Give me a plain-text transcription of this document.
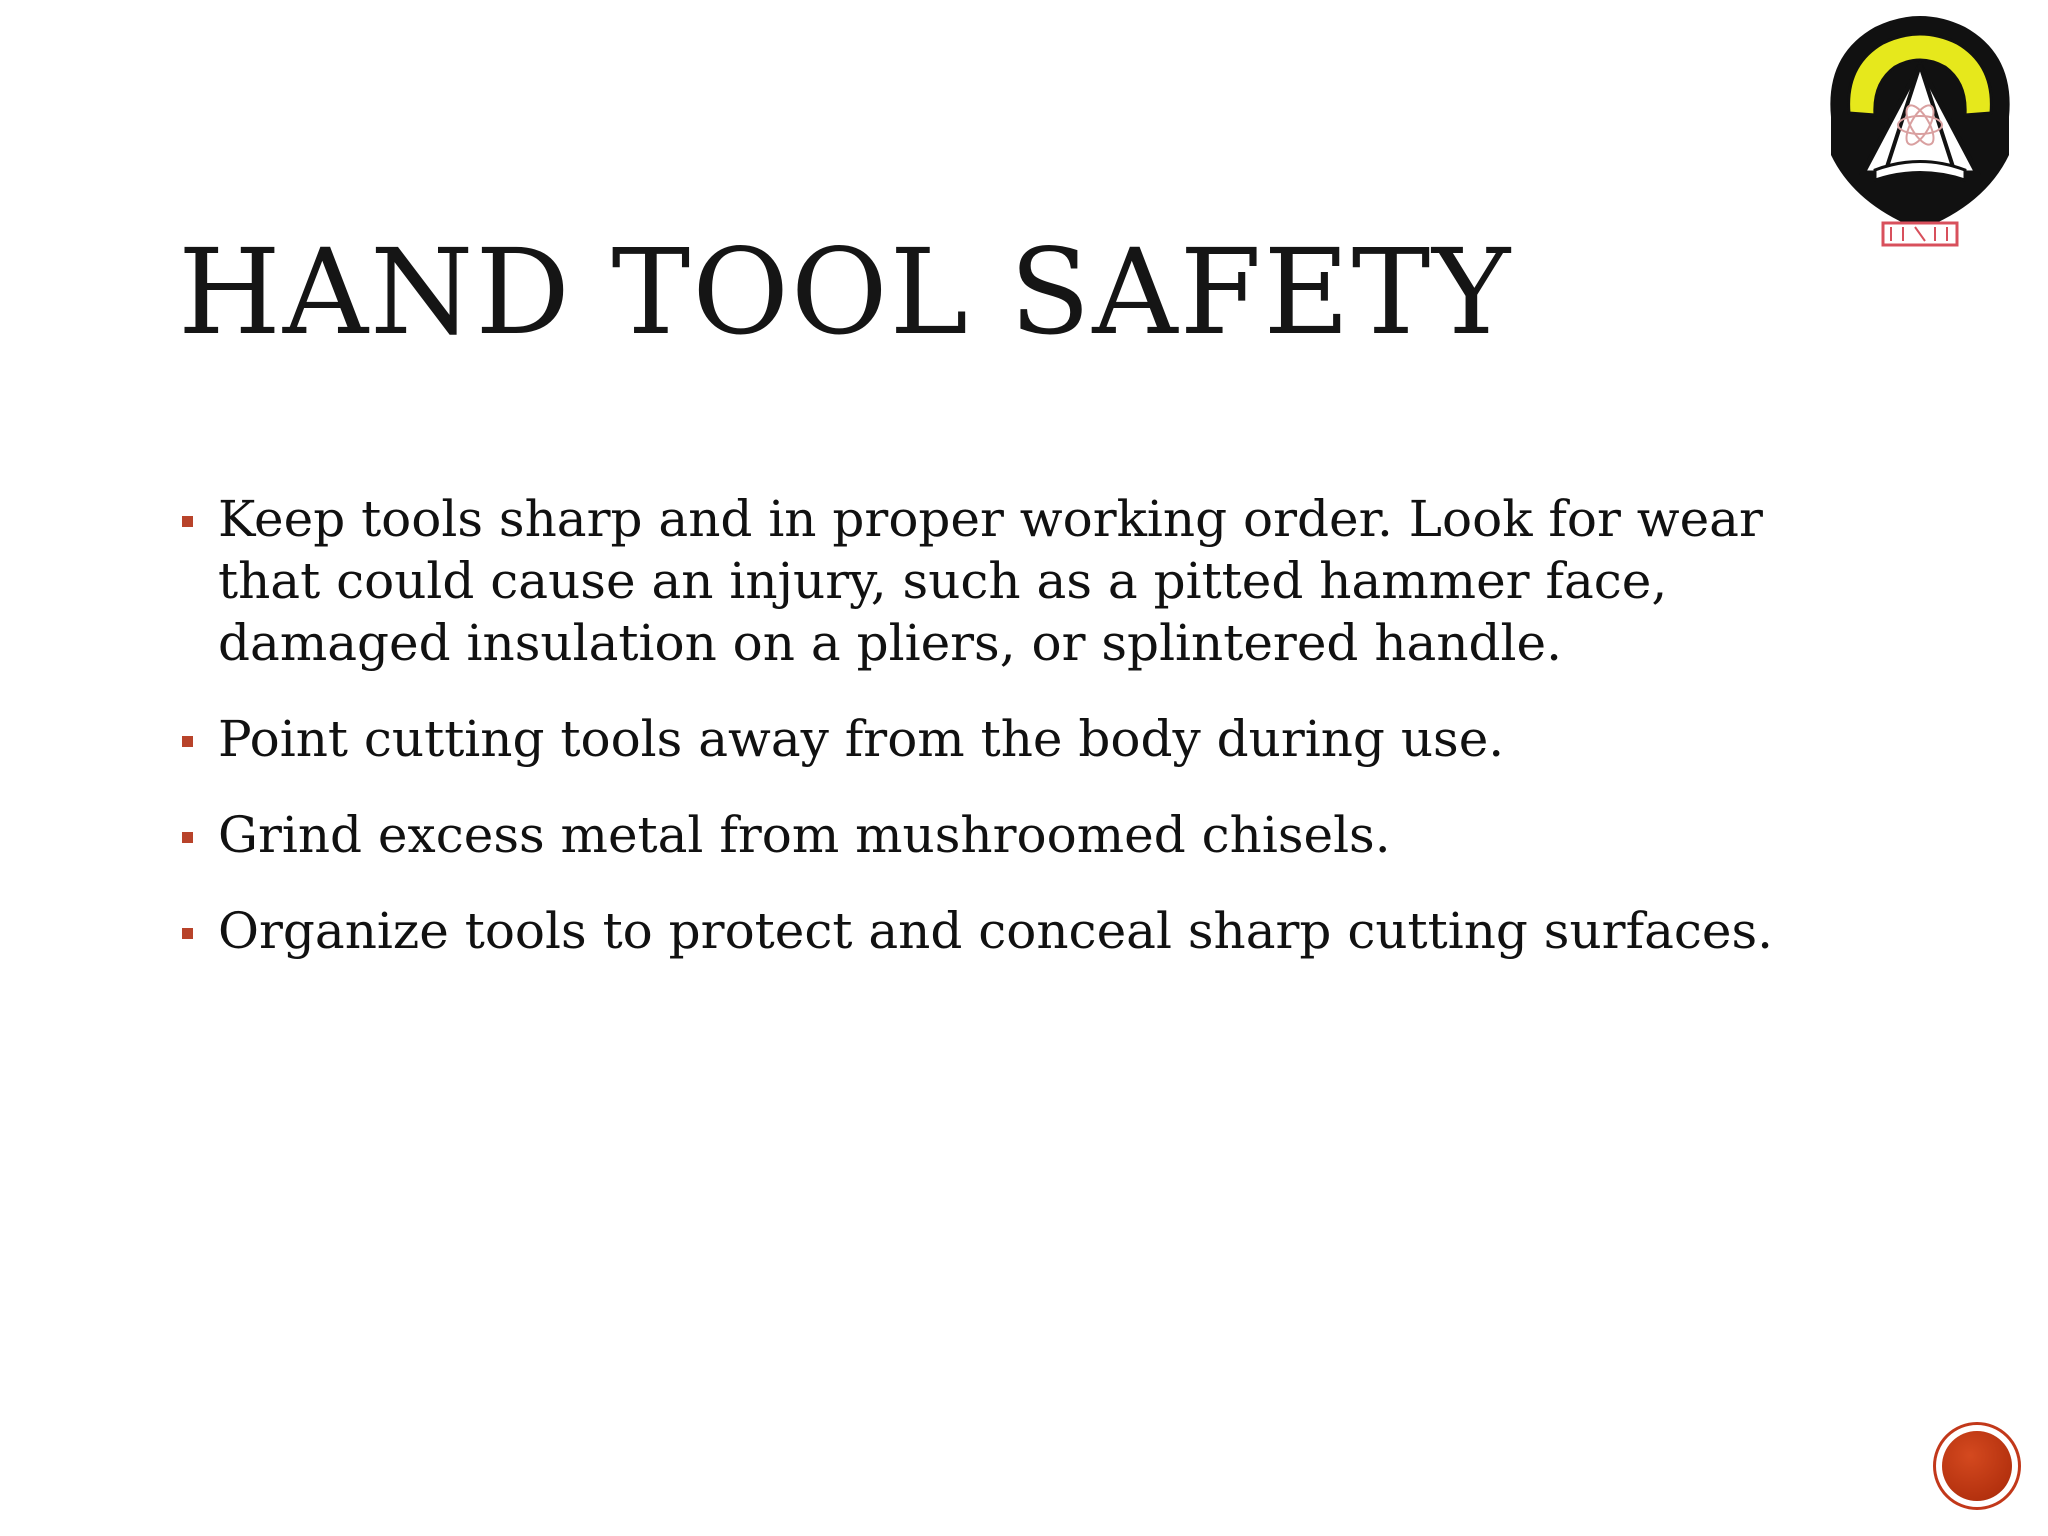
HAND TOOL SAFETY
Keep tools sharp and in proper working order. Look for wear that could cause an injury, such as a pitted hammer face, damaged insulation on a pliers, or splintered handle.
Point cutting tools away from the body during use.
Grind excess metal from mushroomed chisels.
Organize tools to protect and conceal sharp cutting surfaces.
